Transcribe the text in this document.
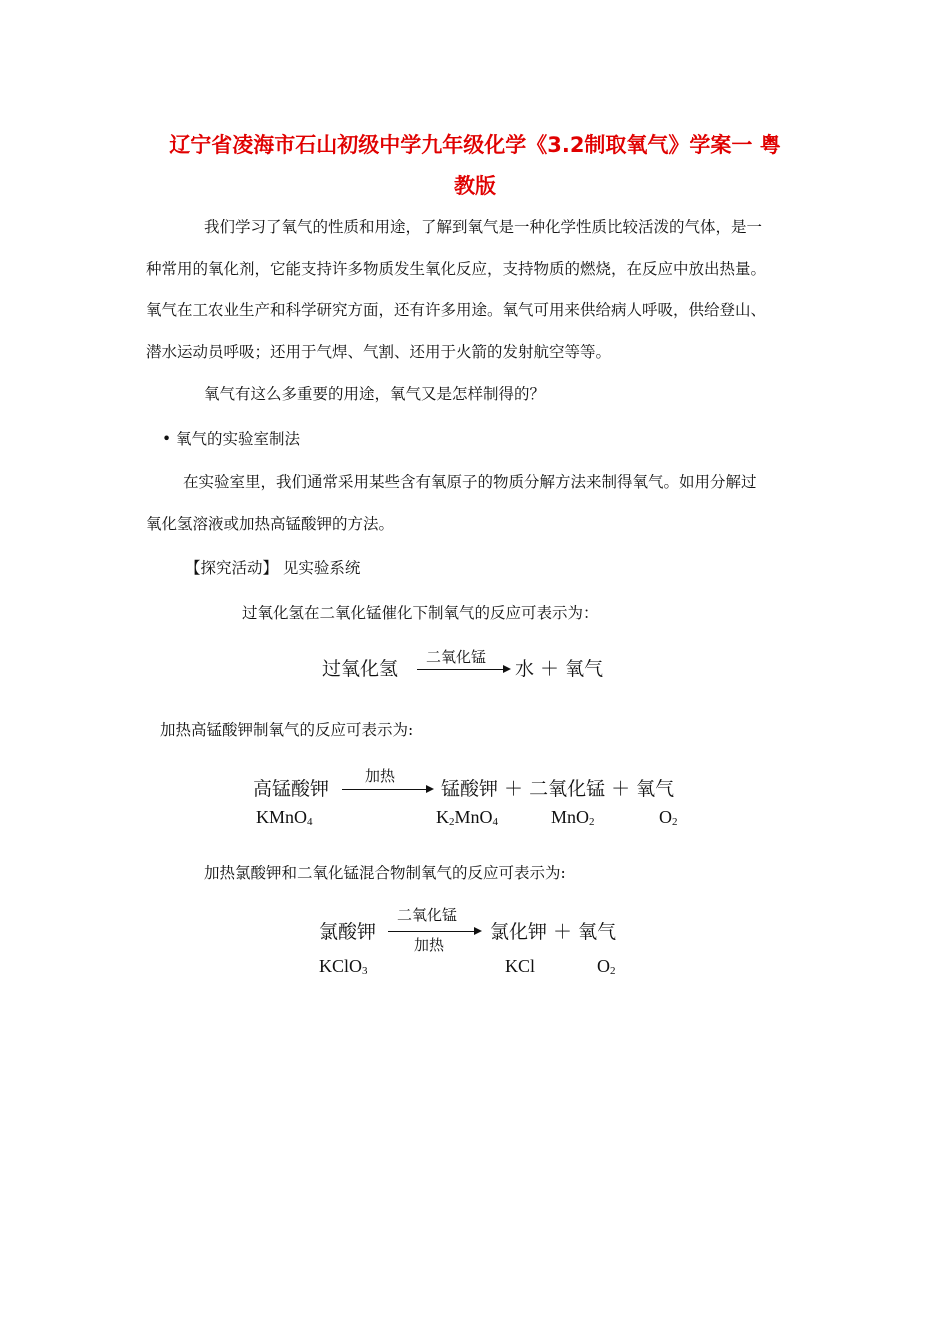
辽宁省凌海市石山初级中学九年级化学《3.2制取氧气》学案一 粤
教版
我们学习了氧气的性质和用途，了解到氧气是一种化学性质比较活泼的气体，是一
种常用的氧化剂，它能支持许多物质发生氧化反应，支持物质的燃烧，在反应中放出热量。
氧气在工农业生产和科学研究方面，还有许多用途。氧气可用来供给病人呼吸，供给登山、
潜水运动员呼吸；还用于气焊、气割、还用于火箭的发射航空等等。
氧气有这么多重要的用途，氧气又是怎样制得的？
• 氧气的实验室制法
在实验室里，我们通常采用某些含有氧原子的物质分解方法来制得氧气。如用分解过
氧化氢溶液或加热高锰酸钾的方法。
【探究活动】 见实验系统
过氧化氢在二氧化锰催化下制氧气的反应可表示为：
过氧化氢
二氧化锰
水 ＋ 氧气
加热高锰酸钾制氧气的反应可表示为:
高锰酸钾
加热
锰酸钾 ＋ 二氧化锰 ＋ 氧气
KMnO$_4$	$K_2MnO_4$	MnO$_2$	$O_2$
加热氯酸钾和二氧化锰混合物制氧气的反应可表示为:
氯酸钾
二氧化锰
加热
氯化钾 ＋ 氧气
KClO$_3$	KCl	$O_2$
